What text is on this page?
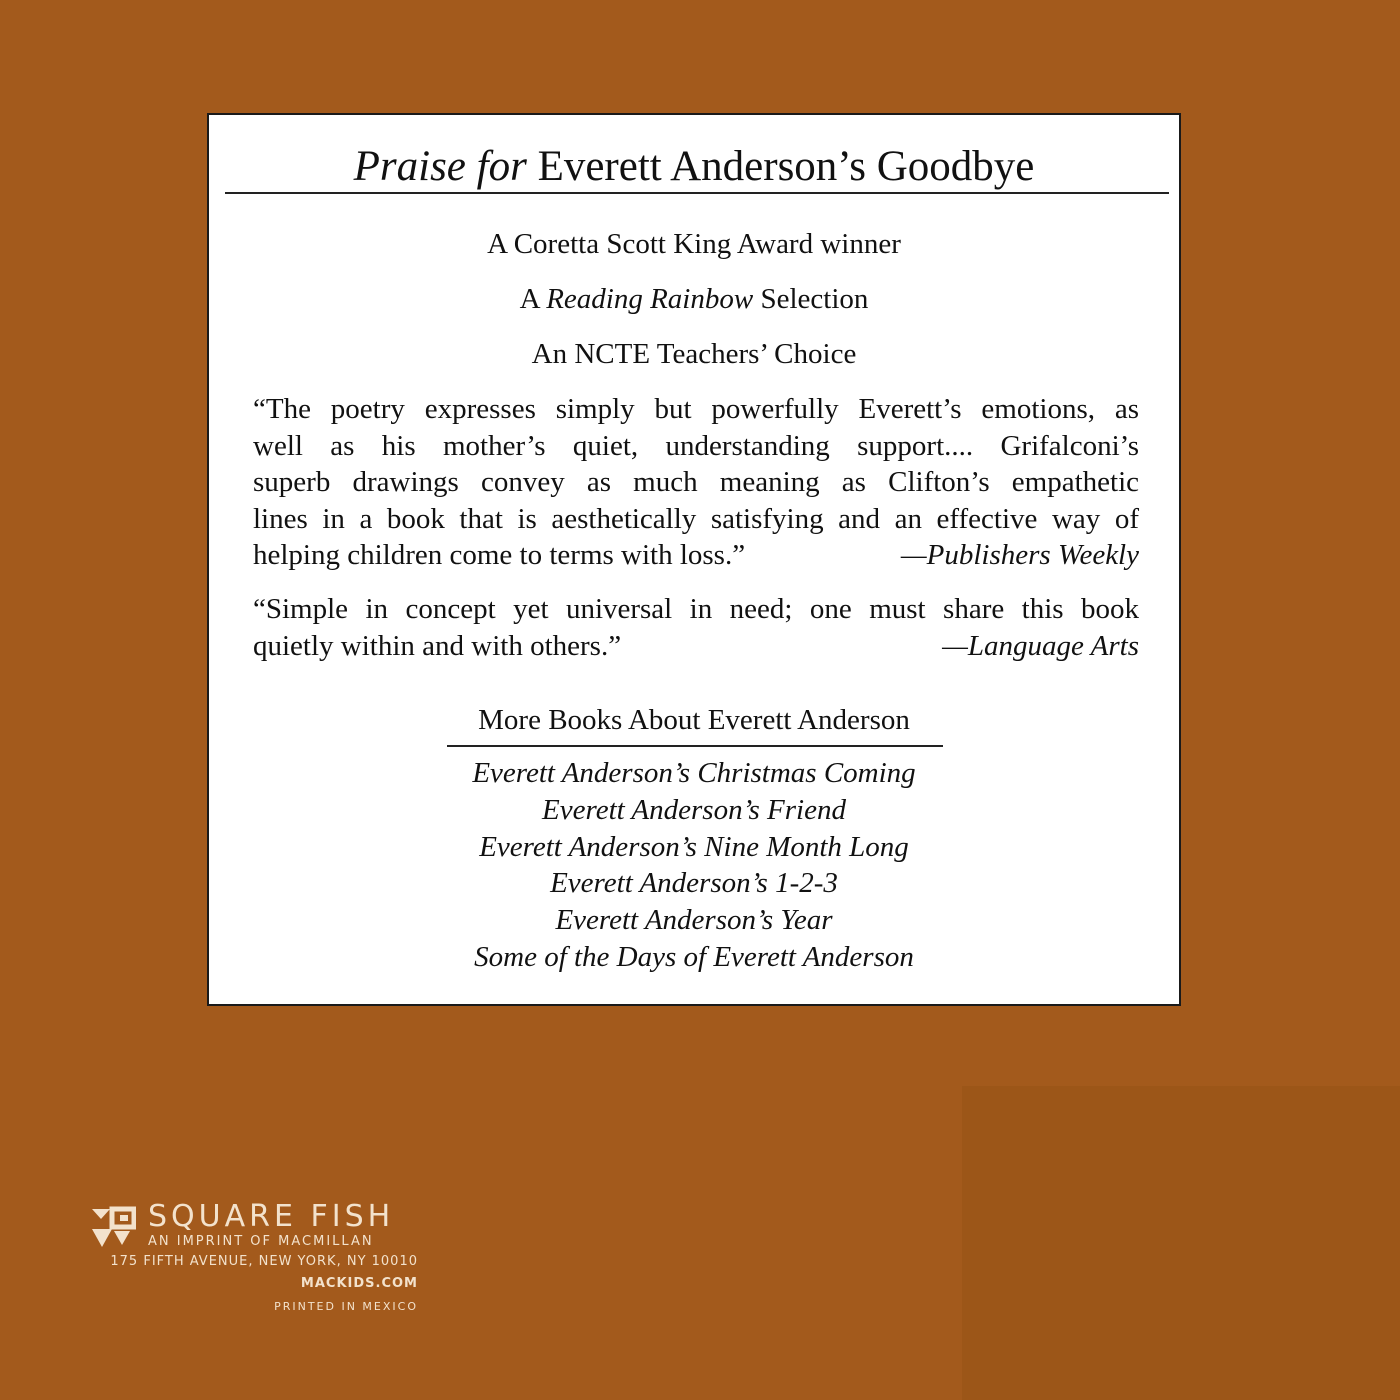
Praise for Everett Anderson’s Goodbye
A Coretta Scott King Award winner
A Reading Rainbow Selection
An NCTE Teachers’ Choice
“The poetry expresses simply but powerfully Everett’s emotions, as
well as his mother’s quiet, understanding support.... Grifalconi’s
superb drawings convey as much meaning as Clifton’s empathetic
lines in a book that is aesthetically satisfying and an effective way of
helping children come to terms with loss.”	—Publishers Weekly
“Simple in concept yet universal in need; one must share this book
quietly within and with others.”	—Language Arts
More Books About Everett Anderson
Everett Anderson’s Christmas Coming
Everett Anderson’s Friend
Everett Anderson’s Nine Month Long
Everett Anderson’s 1-2-3
Everett Anderson’s Year
Some of the Days of Everett Anderson
SQUARE FISH
AN IMPRINT OF MACMILLAN
175 FIFTH AVENUE, NEW YORK, NY 10010
MACKIDS.COM
PRINTED IN MEXICO
